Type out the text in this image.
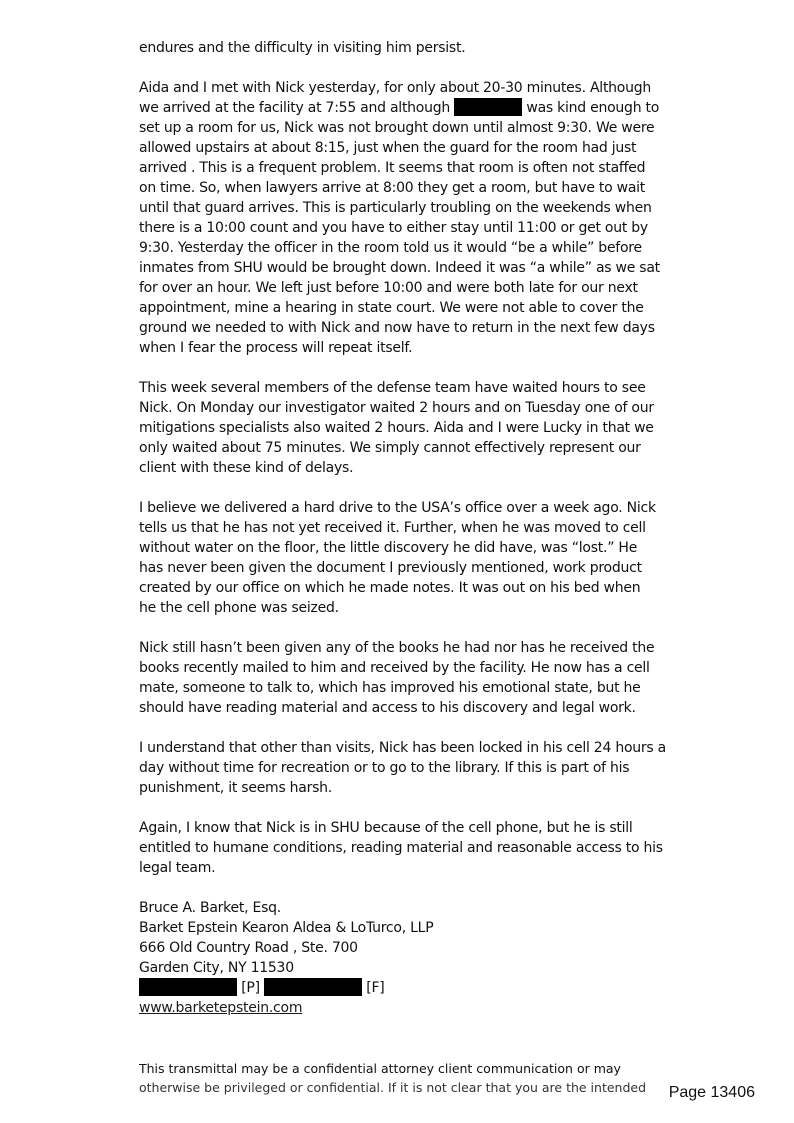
endures and the difficulty in visiting him persist.

Aida and I met with Nick yesterday, for only about 20-30 minutes. Although
we arrived at the facility at 7:55 and although	was kind enough to
set up a room for us, Nick was not brought down until almost 9:30. We were
allowed upstairs at about 8:15, just when the guard for the room had just
arrived . This is a frequent problem. It seems that room is often not staffed
on time. So, when lawyers arrive at 8:00 they get a room, but have to wait
until that guard arrives. This is particularly troubling on the weekends when
there is a 10:00 count and you have to either stay until 11:00 or get out by
9:30. Yesterday the officer in the room told us it would “be a while” before
inmates from SHU would be brought down. Indeed it was “a while” as we sat
for over an hour. We left just before 10:00 and were both late for our next
appointment, mine a hearing in state court. We were not able to cover the
ground we needed to with Nick and now have to return in the next few days
when I fear the process will repeat itself.

This week several members of the defense team have waited hours to see
Nick. On Monday our investigator waited 2 hours and on Tuesday one of our
mitigations specialists also waited 2 hours. Aida and I were Lucky in that we
only waited about 75 minutes. We simply cannot effectively represent our
client with these kind of delays.

I believe we delivered a hard drive to the USA’s office over a week ago. Nick
tells us that he has not yet received it. Further, when he was moved to cell
without water on the floor, the little discovery he did have, was “lost.” He
has never been given the document I previously mentioned, work product
created by our office on which he made notes. It was out on his bed when
he the cell phone was seized.

Nick still hasn’t been given any of the books he had nor has he received the
books recently mailed to him and received by the facility. He now has a cell
mate, someone to talk to, which has improved his emotional state, but he
should have reading material and access to his discovery and legal work.

I understand that other than visits, Nick has been locked in his cell 24 hours a
day without time for recreation or to go to the library. If this is part of his
punishment, it seems harsh.

Again, I know that Nick is in SHU because of the cell phone, but he is still
entitled to humane conditions, reading material and reasonable access to his
legal team.

Bruce A. Barket, Esq.
Barket Epstein Kearon Aldea & LoTurco, LLP
666 Old Country Road , Ste. 700
Garden City, NY 11530
[P]	[F]
www.barketepstein.com
This transmittal may be a confidential attorney client communication or may
otherwise be privileged or confidential. If it is not clear that you are the intended Page 13406
